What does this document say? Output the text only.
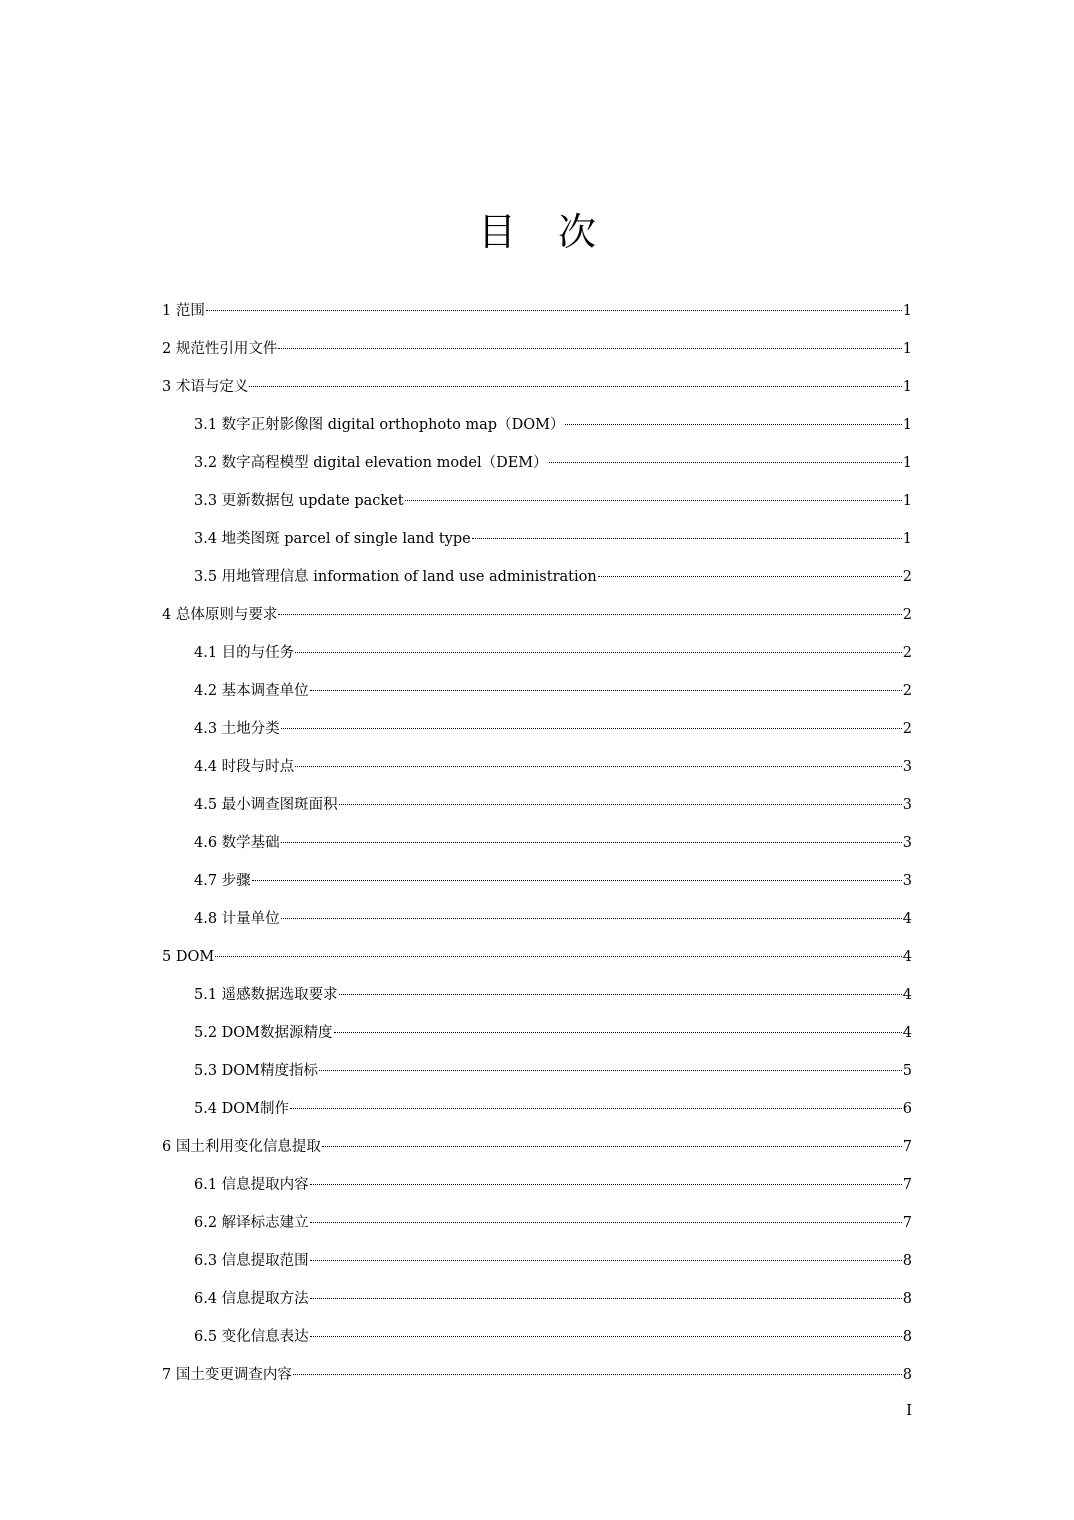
目次
1 范围	1
2 规范性引用文件	1
3 术语与定义	1
3.1 数字正射影像图 digital orthophoto map（DOM）	1
3.2 数字高程模型 digital elevation model（DEM）	1
3.3 更新数据包 update packet	1
3.4 地类图斑 parcel of single land type	1
3.5 用地管理信息 information of land use administration	2
4 总体原则与要求	2
4.1 目的与任务	2
4.2 基本调查单位	2
4.3 土地分类	2
4.4 时段与时点	3
4.5 最小调查图斑面积	3
4.6 数学基础	3
4.7 步骤	3
4.8 计量单位	4
5 DOM	4
5.1 遥感数据选取要求	4
5.2 DOM数据源精度	4
5.3 DOM精度指标	5
5.4 DOM制作	6
6 国土利用变化信息提取	7
6.1 信息提取内容	7
6.2 解译标志建立	7
6.3 信息提取范围	8
6.4 信息提取方法	8
6.5 变化信息表达	8
7 国土变更调查内容	8
I
